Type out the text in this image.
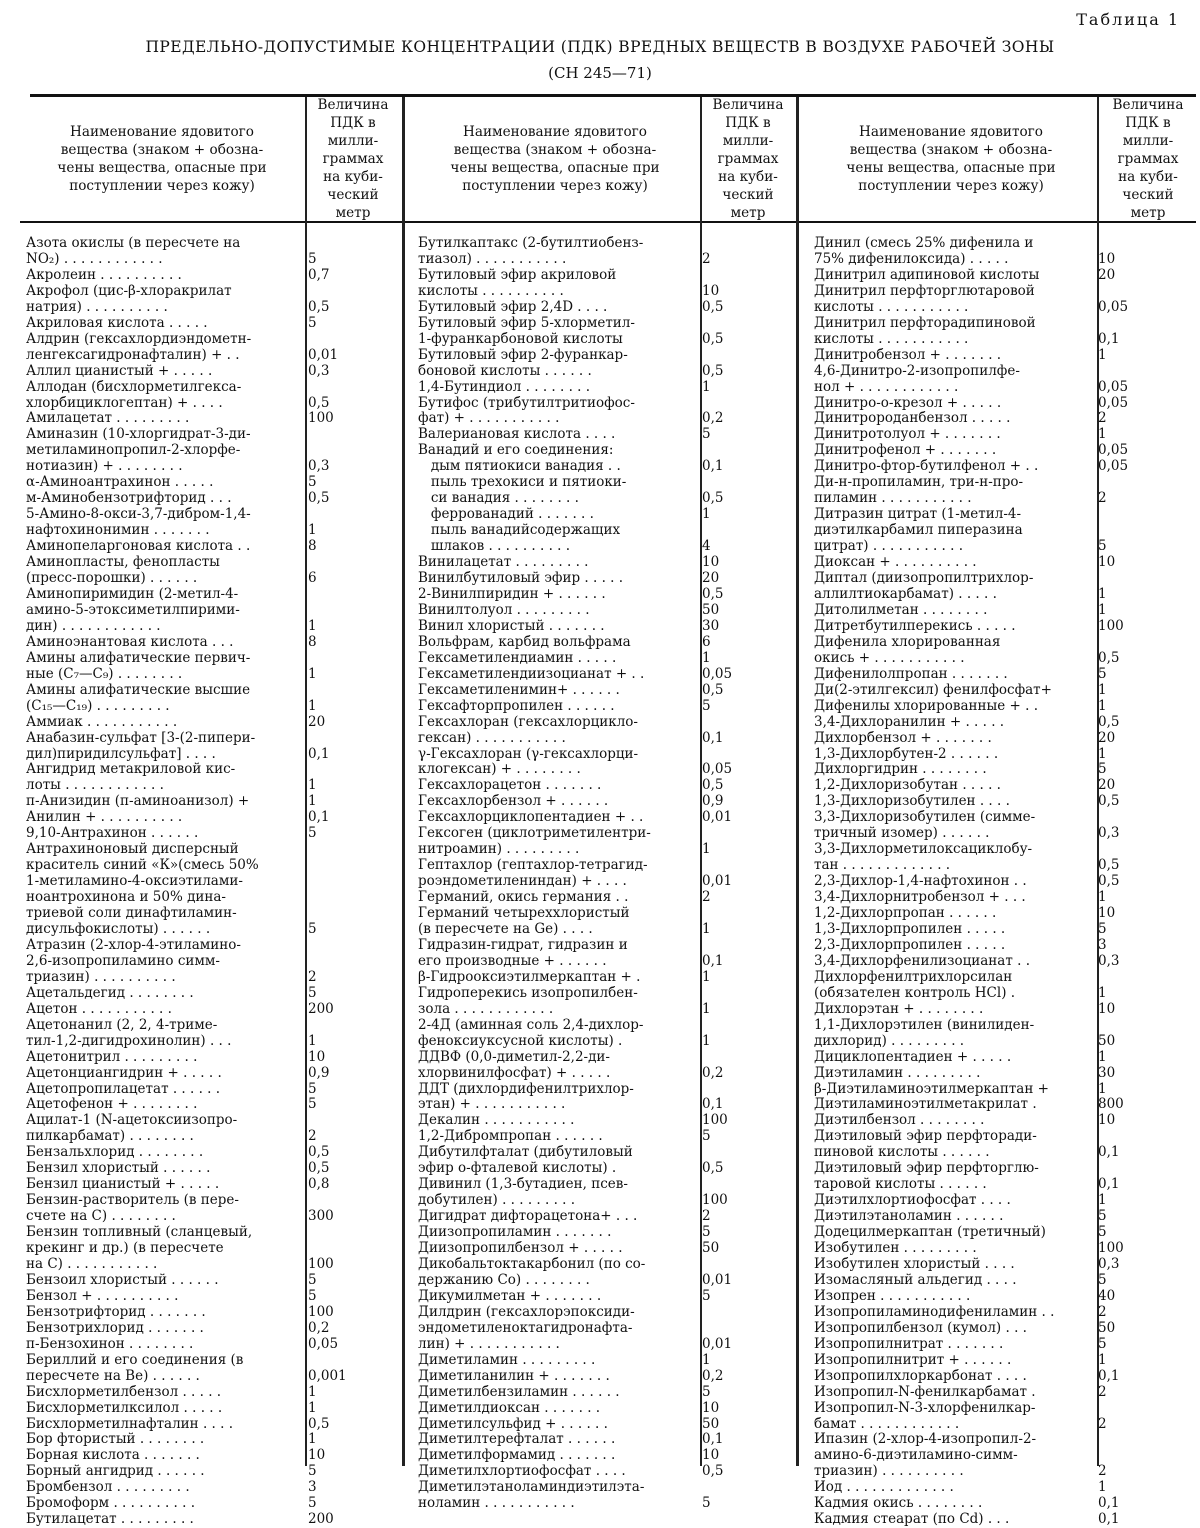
Таблица 1
ПРЕДЕЛЬНО-ДОПУСТИМЫЕ КОНЦЕНТРАЦИИ (ПДК) ВРЕДНЫХ ВЕЩЕСТВ В ВОЗДУХЕ РАБОЧЕЙ ЗОНЫ
(СН 245—71)
Наименование ядовитого
вещества (знаком + обозна-
чены вещества, опасные при
поступлении через кожу)
Величина
ПДК в
милли-
граммах
на куби-
ческий
метр
Наименование ядовитого
вещества (знаком + обозна-
чены вещества, опасные при
поступлении через кожу)
Величина
ПДК в
милли-
граммах
на куби-
ческий
метр
Наименование ядовитого
вещества (знаком + обозна-
чены вещества, опасные при
поступлении через кожу)
Величина
ПДК в
милли-
граммах
на куби-
ческий
метр
Азота окислы (в пересчете на
NO₂) . . . . . . . . . . . .	5
Акролеин . . . . . . . . . .	0,7
Акрофол (цис-β-хлоракрилат
натрия) . . . . . . . . . .	0,5
Акриловая кислота . . . . .	5
Алдрин (гексахлордиэндометн-
ленгексагидронафталин) + . .	0,01
Аллил цианистый + . . . . .	0,3
Аллодан (бисхлорметилгекса-
хлорбициклогептан) + . . . .	0,5
Амилацетат . . . . . . . . .	100
Аминазин (10-хлоргидрат-3-ди-
метиламинопропил-2-хлорфе-
нотиазин) + . . . . . . . .	0,3
α-Аминоантрахинон . . . . .	5
м-Аминобензотрифторид . . .	0,5
5-Амино-8-окси-3,7-дибром-1,4-
нафтохинонимин . . . . . . .	1
Аминопеларгоновая кислота . .	8
Аминопласты, фенопласты
(пресс-порошки) . . . . . .	6
Аминопиримидин (2-метил-4-
амино-5-этоксиметилпирими-
дин) . . . . . . . . . . . .	1
Аминоэнантовая кислота . . .	8
Амины алифатические первич-
ные (C₇—C₉) . . . . . . . .	1
Амины алифатические высшие
(C₁₅—C₁₉) . . . . . . . . .	1
Аммиак . . . . . . . . . . .	20
Анабазин-сульфат [3-(2-пипери-
дил)пиридилсульфат] . . . .	0,1
Ангидрид метакриловой кис-
лоты . . . . . . . . . . . .	1
п-Анизидин (п-аминоанизол) +	1
Анилин + . . . . . . . . . .	0,1
9,10-Антрахинон . . . . . .	5
Антрахиноновый дисперсный
краситель синий «К»(смесь 50%
1-метиламино-4-оксиэтилами-
ноантрохинона и 50% дина-
триевой соли динафтиламин-
дисульфокислоты) . . . . . .	5
Атразин (2-хлор-4-этиламино-
2,6-изопропиламино симм-
триазин) . . . . . . . . . .	2
Ацетальдегид . . . . . . . .	5
Ацетон . . . . . . . . . . .	200
Ацетонанил (2, 2, 4-триме-
тил-1,2-дигидрохинолин) . . .	1
Ацетонитрил . . . . . . . . .	10
Ацетонциангидрин + . . . . .	0,9
Ацетопропилацетат . . . . . .	5
Ацетофенон + . . . . . . . .	5
Ацилат-1 (N-ацетоксиизопро-
пилкарбамат) . . . . . . . .	2
Бензальхлорид . . . . . . . .	0,5
Бензил хлористый . . . . . .	0,5
Бензил цианистый + . . . . .	0,8
Бензин-растворитель (в пере-
счете на С) . . . . . . . .	300
Бензин топливный (сланцевый,
крекинг и др.) (в пересчете
на С) . . . . . . . . . . .	100
Бензоил хлористый . . . . . .	5
Бензол + . . . . . . . . . .	5
Бензотрифторид . . . . . . .	100
Бензотрихлорид . . . . . . .	0,2
п-Бензохинон . . . . . . . .	0,05
Бериллий и его соединения (в
пересчете на Be) . . . . . .	0,001
Бисхлорметилбензол . . . . .	1
Бисхлорметилксилол . . . . .	1
Бисхлорметилнафталин . . . .	0,5
Бор фтористый . . . . . . . .	1
Борная кислота . . . . . . .	10
Борный ангидрид . . . . . .	5
Бромбензол . . . . . . . . .	3
Бромоформ . . . . . . . . . .	5
Бутилацетат . . . . . . . . .	200
Бутилкаптакс (2-бутилтиобенз-
тиазол) . . . . . . . . . . .	2
Бутиловый эфир акриловой
кислоты . . . . . . . . . .	10
Бутиловый эфир 2,4D . . . .	0,5
Бутиловый эфир 5-хлорметил-
1-фуранкарбоновой кислоты	0,5
Бутиловый эфир 2-фуранкар-
боновой кислоты . . . . . .	0,5
1,4-Бутиндиол . . . . . . . .	1
Бутифос (трибутилтритиофос-
фат) + . . . . . . . . . . .	0,2
Валериановая кислота . . . .	5
Ванадий и его соединения:
дым пятиокиси ванадия . .	0,1
пыль трехокиси и пятиоки-
си ванадия . . . . . . . .	0,5
феррованадий . . . . . . .	1
пыль ванадийсодержащих
шлаков . . . . . . . . . .	4
Винилацетат . . . . . . . . .	10
Винилбутиловый эфир . . . . .	20
2-Винилпиридин + . . . . . .	0,5
Винилтолуол . . . . . . . . .	50
Винил хлористый . . . . . . .	30
Вольфрам, карбид вольфрама	6
Гексаметилендиамин . . . . .	1
Гексаметилендиизоцианат + . .	0,05
Гексаметиленимин+ . . . . . .	0,5
Гексафторпропилен . . . . . .	5
Гексахлоран (гексахлорцикло-
гексан) . . . . . . . . . . .	0,1
γ-Гексахлоран (γ-гексахлорци-
клогексан) + . . . . . . . .	0,05
Гексахлорацетон . . . . . . .	0,5
Гексахлорбензол + . . . . . .	0,9
Гексахлорциклопентадиен + . .	0,01
Гексоген (циклотриметилентри-
нитроамин) . . . . . . . . .	1
Гептахлор (гептахлор-тетрагид-
роэндометилениндан) + . . . .	0,01
Германий, окись германия . .	2
Германий четыреххлористый
(в пересчете на Ge) . . . .	1
Гидразин-гидрат, гидразин и
его производные + . . . . . .	0,1
β-Гидрооксиэтилмеркаптан + .	1
Гидроперекись изопропилбен-
зола . . . . . . . . . . . .	1
2-4Д (аминная соль 2,4-дихлор-
феноксиуксусной кислоты) .	1
ДДВФ (0,0-диметил-2,2-ди-
хлорвинилфосфат) + . . . . .	0,2
ДДТ (дихлордифенилтрихлор-
этан) + . . . . . . . . . . .	0,1
Декалин . . . . . . . . . . .	100
1,2-Дибромпропан . . . . . .	5
Дибутилфталат (дибутиловый
эфир о-фталевой кислоты) .	0,5
Дивинил (1,3-бутадиен, псев-
добутилен) . . . . . . . . .	100
Дигидрат дифторацетона+ . . .	2
Диизопропиламин . . . . . . .	5
Диизопропилбензол + . . . . .	50
Дикобальтоктакарбонил (по со-
держанию Co) . . . . . . . .	0,01
Дикумилметан + . . . . . . .	5
Дилдрин (гексахлорэпоксиди-
эндометиленоктагидронафта-
лин) + . . . . . . . . . . .	0,01
Диметиламин . . . . . . . . .	1
Диметиланилин + . . . . . . .	0,2
Диметилбензиламин . . . . . .	5
Диметилдиоксан . . . . . . .	10
Диметилсульфид + . . . . . .	50
Диметилтерефталат . . . . . .	0,1
Диметилформамид . . . . . . .	10
Диметилхлортиофосфат . . . .	0,5
Диметилэтаноламиндиэтилэта-
ноламин . . . . . . . . . . .	5
Динил (смесь 25% дифенила и
75% дифенилоксида) . . . . .	10
Динитрил адипиновой кислоты	20
Динитрил перфторглютаровой
кислоты . . . . . . . . . . .	0,05
Динитрил перфторадипиновой
кислоты . . . . . . . . . . .	0,1
Динитробензол + . . . . . . .	1
4,6-Динитро-2-изопропилфе-
нол + . . . . . . . . . . . .	0,05
Динитро-о-крезол + . . . . .	0,05
Динитророданбензол . . . . .	2
Динитротолуол + . . . . . . .	1
Динитрофенол + . . . . . . .	0,05
Динитро-фтор-бутилфенол + . .	0,05
Ди-н-пропиламин, три-н-про-
пиламин . . . . . . . . . . .	2
Дитразин цитрат (1-метил-4-
диэтилкарбамил пиперазина
цитрат) . . . . . . . . . . .	5
Диоксан + . . . . . . . . . .	10
Диптал (диизопропилтрихлор-
аллилтиокарбамат) . . . . .	1
Дитолилметан . . . . . . . .	1
Дитретбутилперекись . . . . .	100
Дифенила хлорированная
окись + . . . . . . . . . . .	0,5
Дифенилолпропан . . . . . . .	5
Ди(2-этилгексил) фенилфосфат+	1
Дифенилы хлорированные + . .	1
3,4-Дихлоранилин + . . . . .	0,5
Дихлорбензол + . . . . . . .	20
1,3-Дихлорбутен-2 . . . . . .	1
Дихлоргидрин . . . . . . . .	5
1,2-Дихлоризобутан . . . . .	20
1,3-Дихлоризобутилен . . . .	0,5
3,3-Дихлоризобутилен (симме-
тричный изомер) . . . . . .	0,3
3,3-Дихлорметилоксациклобу-
тан . . . . . . . . . . . . .	0,5
2,3-Дихлор-1,4-нафтохинон . .	0,5
3,4-Дихлорнитробензол + . . .	1
1,2-Дихлорпропан . . . . . .	10
1,3-Дихлорпропилен . . . . .	5
2,3-Дихлорпропилен . . . . .	3
3,4-Дихлорфенилизоцианат . .	0,3
Дихлорфенилтрихлорсилан
(обязателен контроль HCl) .	1
Дихлорэтан + . . . . . . . .	10
1,1-Дихлорэтилен (винилиден-
дихлорид) . . . . . . . . .	50
Дициклопентадиен + . . . . .	1
Диэтиламин . . . . . . . . .	30
β-Диэтиламиноэтилмеркаптан +	1
Диэтиламиноэтилметакрилат .	800
Диэтилбензол . . . . . . . .	10
Диэтиловый эфир перфторади-
пиновой кислоты . . . . . .	0,1
Диэтиловый эфир перфторглю-
таровой кислоты . . . . . .	0,1
Диэтилхлортиофосфат . . . .	1
Диэтилэтаноламин . . . . . .	5
Додецилмеркаптан (третичный)	5
Изобутилен . . . . . . . . .	100
Изобутилен хлористый . . . .	0,3
Изомасляный альдегид . . . .	5
Изопрен . . . . . . . . . . .	40
Изопропиламинодифениламин . .	2
Изопропилбензол (кумол) . . .	50
Изопропилнитрат . . . . . . .	5
Изопропилнитрит + . . . . . .	1
Изопропилхлоркарбонат . . . .	0,1
Изопропил-N-фенилкарбамат .	2
Изопропил-N-3-хлорфенилкар-
бамат . . . . . . . . . . . .	2
Ипазин (2-хлор-4-изопропил-2-
амино-6-диэтиламино-симм-
триазин) . . . . . . . . . .	2
Йод . . . . . . . . . . . . .	1
Кадмия окись . . . . . . . .	0,1
Кадмия стеарат (по Cd) . . .	0,1
